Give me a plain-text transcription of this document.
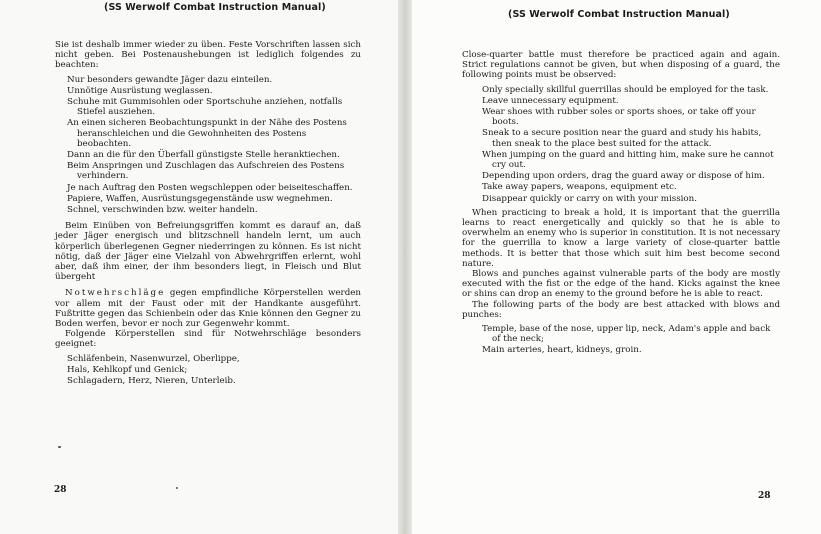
(SS Werwolf Combat Instruction Manual)

Sie ist deshalb immer wieder zu üben. Feste Vorschriften lassen sich nicht geben. Bei Postenaushebungen ist lediglich folgendes zu beachten:

Nur besonders gewandte Jäger dazu einteilen.
Unnötige Ausrüstung weglassen.
Schuhe mit Gummisohlen oder Sportschuhe anziehen, notfalls Stiefel ausziehen.
An einen sicheren Beobachtungspunkt in der Nähe des Postens heranschleichen und die Gewohnheiten des Postens beobachten.
Dann an die für den Überfall günstigste Stelle heranktiechen.
Beim Anspringen und Zuschlagen das Aufschreien des Postens verhindern.
Je nach Auftrag den Posten wegschleppen oder beiseiteschaffen.
Papiere, Waffen, Ausrüstungsgegenstände usw wegnehmen.
Schnel, verschwinden bzw. weiter handeln.

Beim Einüben von Befreiungsgriffen kommt es darauf an, daß jeder Jäger energisch und blitzschnell handeln lernt, um auch körperlich überlegenen Gegner niederringen zu können. Es ist nicht nötig, daß der Jäger eine Vielzahl von Abwehrgriffen erlernt, wohl aber, daß ihm einer, der ihm besonders liegt, in Fleisch und Blut übergeht

Notwehrschläge gegen empfindliche Körperstellen werden vor allem mit der Faust oder mit der Handkante ausgeführt. Fußtritte gegen das Schienbein oder das Knie können den Gegner zu Boden werfen, bevor er noch zur Gegenwehr kommt.

Folgende Körperstellen sind für Notwehrschläge besonders geeignet:

Schläfenbein, Nasenwurzel, Oberlippe,
Hals, Kehlkopf und Genick;
Schlagadern, Herz, Nieren, Unterleib.
28
(SS Werwolf Combat Instruction Manual)

Close-quarter battle must therefore be practiced again and again. Strict regulations cannot be given, but when disposing of a guard, the following points must be observed:

Only specially skillful guerrillas should be employed for the task.
Leave unnecessary equipment.
Wear shoes with rubber soles or sports shoes, or take off your boots.
Sneak to a secure position near the guard and study his habits, then sneak to the place best suited for the attack.
When jumping on the guard and hitting him, make sure he cannot cry out.
Depending upon orders, drag the guard away or dispose of him.
Take away papers, weapons, equipment etc.
Disappear quickly or carry on with your mission.

When practicing to break a hold, it is important that the guerrilla learns to react energetically and quickly so that he is able to overwhelm an enemy who is superior in constitution. It is not necessary for the guerrilla to know a large variety of close-quarter battle methods. It is better that those which suit him best become second nature.

Blows and punches against vulnerable parts of the body are mostly executed with the fist or the edge of the hand. Kicks against the knee or shins can drop an enemy to the ground before he is able to react.

The following parts of the body are best attacked with blows and punches:

Temple, base of the nose, upper lip, neck, Adam's apple and back of the neck;
Main arteries, heart, kidneys, groin.
28
